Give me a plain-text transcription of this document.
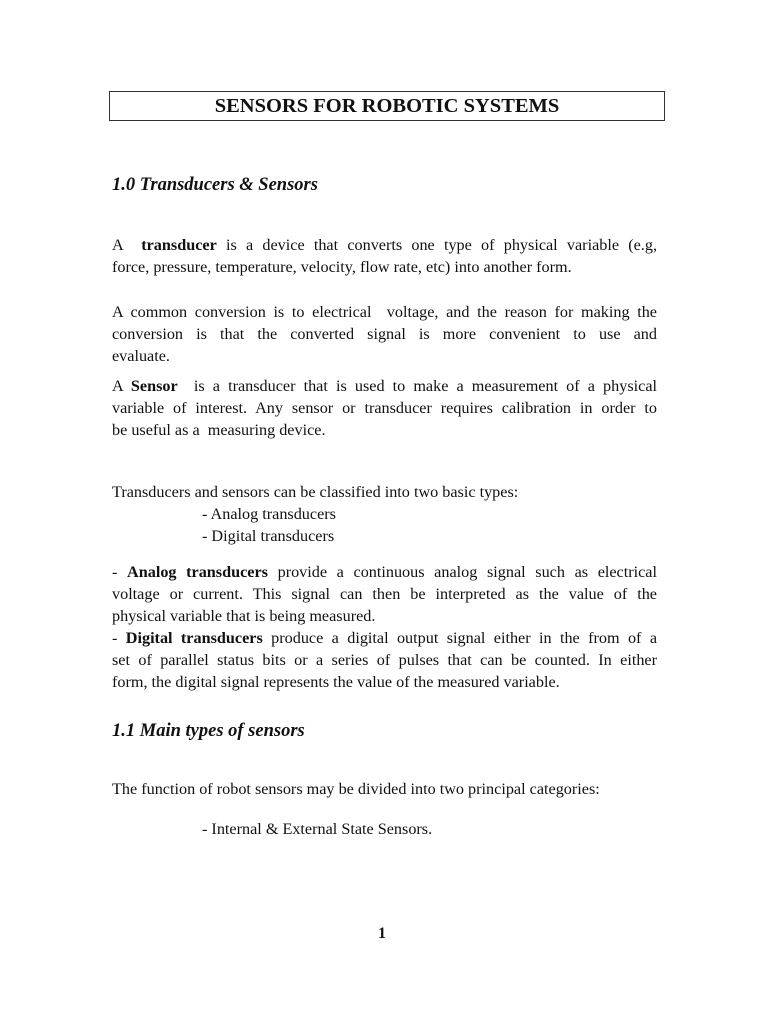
SENSORS FOR ROBOTIC SYSTEMS
1.0 Transducers & Sensors
A  transducer is a device that converts one type of physical variable (e.g,
force, pressure, temperature, velocity, flow rate, etc) into another form.
A common conversion is to electrical  voltage, and the reason for making the
conversion is that the converted signal is more convenient to use and
evaluate.
A Sensor  is a transducer that is used to make a measurement of a physical
variable of interest. Any sensor or transducer requires calibration in order to
be useful as a  measuring device.
Transducers and sensors can be classified into two basic types:
- Analog transducers
- Digital transducers
- Analog transducers provide a continuous analog signal such as electrical
voltage or current. This signal can then be interpreted as the value of the
physical variable that is being measured.
- Digital transducers produce a digital output signal either in the from of a
set of parallel status bits or a series of pulses that can be counted. In either
form, the digital signal represents the value of the measured variable.
1.1 Main types of sensors
The function of robot sensors may be divided into two principal categories:
- Internal & External State Sensors.
1
